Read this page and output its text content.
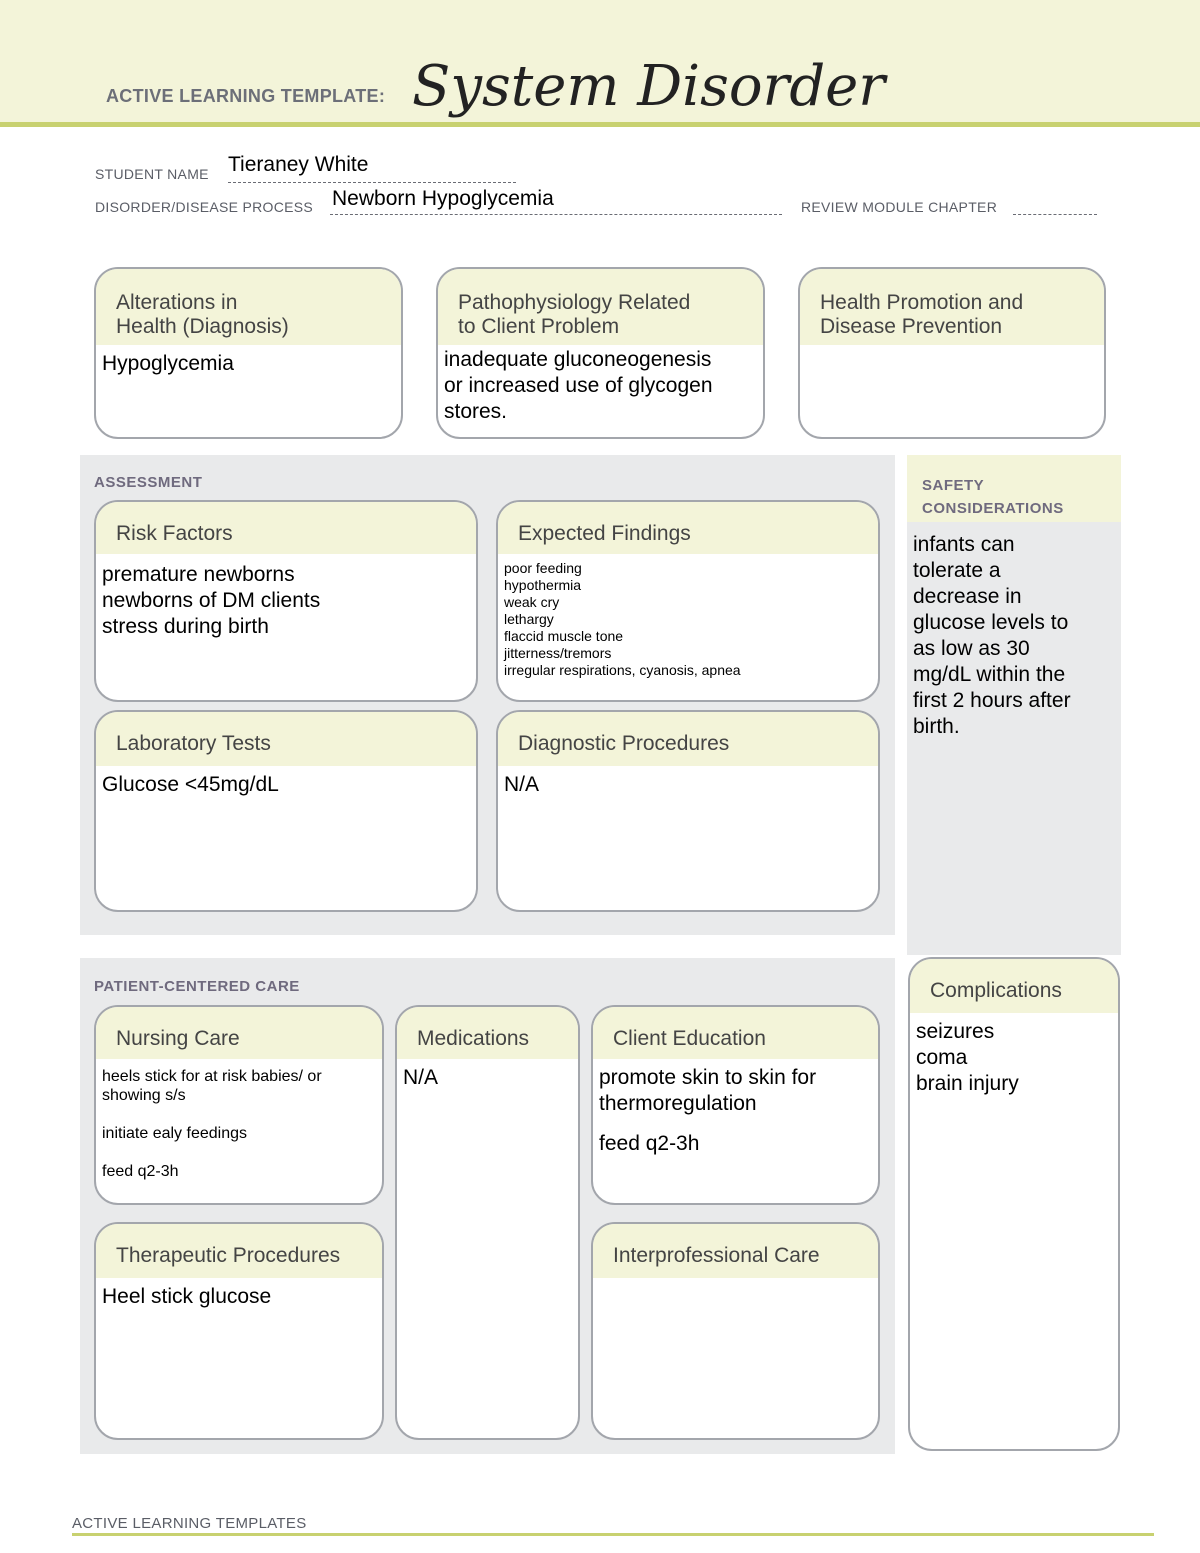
ACTIVE LEARNING TEMPLATE: System Disorder
STUDENT NAME Tieraney White
DISORDER/DISEASE PROCESS Newborn Hypoglycemia	REVIEW MODULE CHAPTER
Alterations in
Health (Diagnosis)
Hypoglycemia
Pathophysiology Related
to Client Problem
inadequate gluconeogenesis
or increased use of glycogen
stores.
Health Promotion and
Disease Prevention
ASSESSMENT
Risk Factors
premature newborns
newborns of DM clients
stress during birth
Expected Findings
poor feeding
hypothermia
weak cry
lethargy
flaccid muscle tone
jitterness/tremors
irregular respirations, cyanosis, apnea
Laboratory Tests
Glucose <45mg/dL
Diagnostic Procedures
N/A
SAFETY
CONSIDERATIONS
infants can
tolerate a
decrease in
glucose levels to
as low as 30
mg/dL within the
first 2 hours after
birth.
PATIENT-CENTERED CARE
Nursing Care
heels stick for at risk babies/ or
showing s/s
initiate ealy feedings
feed q2-3h
Medications
N/A
Client Education
promote skin to skin for
thermoregulation
feed q2-3h
Therapeutic Procedures
Heel stick glucose
Interprofessional Care
Complications
seizures
coma
brain injury
ACTIVE LEARNING TEMPLATES
